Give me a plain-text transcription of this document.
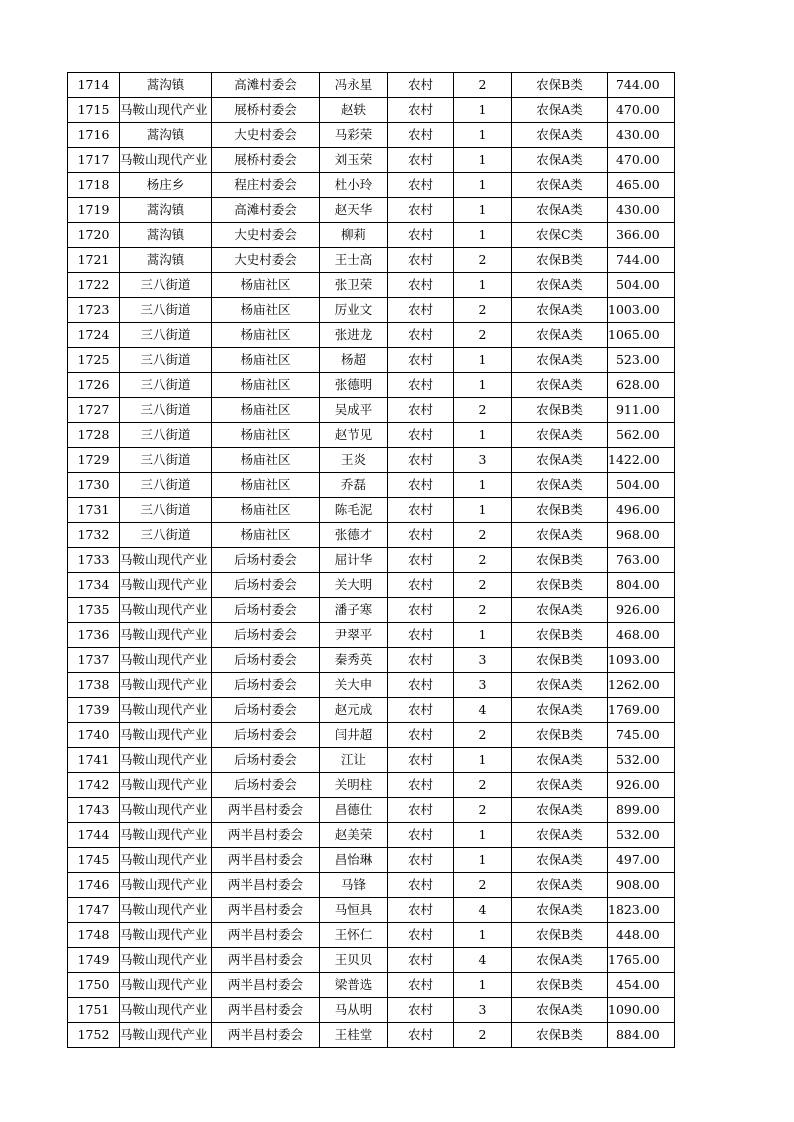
1714	蒿沟镇	高滩村委会	冯永星	农村	2	农保B类	744.00
1715	马鞍山现代产业	展桥村委会	赵轶	农村	1	农保A类	470.00
1716	蒿沟镇	大史村委会	马彩荣	农村	1	农保A类	430.00
1717	马鞍山现代产业	展桥村委会	刘玉荣	农村	1	农保A类	470.00
1718	杨庄乡	程庄村委会	杜小玲	农村	1	农保A类	465.00
1719	蒿沟镇	高滩村委会	赵天华	农村	1	农保A类	430.00
1720	蒿沟镇	大史村委会	柳莉	农村	1	农保C类	366.00
1721	蒿沟镇	大史村委会	王士高	农村	2	农保B类	744.00
1722	三八街道	杨庙社区	张卫荣	农村	1	农保A类	504.00
1723	三八街道	杨庙社区	厉业文	农村	2	农保A类	1003.00
1724	三八街道	杨庙社区	张进龙	农村	2	农保A类	1065.00
1725	三八街道	杨庙社区	杨超	农村	1	农保A类	523.00
1726	三八街道	杨庙社区	张德明	农村	1	农保A类	628.00
1727	三八街道	杨庙社区	吴成平	农村	2	农保B类	911.00
1728	三八街道	杨庙社区	赵节见	农村	1	农保A类	562.00
1729	三八街道	杨庙社区	王炎	农村	3	农保A类	1422.00
1730	三八街道	杨庙社区	乔磊	农村	1	农保A类	504.00
1731	三八街道	杨庙社区	陈毛泥	农村	1	农保B类	496.00
1732	三八街道	杨庙社区	张德才	农村	2	农保A类	968.00
1733	马鞍山现代产业	后场村委会	屈计华	农村	2	农保B类	763.00
1734	马鞍山现代产业	后场村委会	关大明	农村	2	农保B类	804.00
1735	马鞍山现代产业	后场村委会	潘子寒	农村	2	农保A类	926.00
1736	马鞍山现代产业	后场村委会	尹翠平	农村	1	农保B类	468.00
1737	马鞍山现代产业	后场村委会	秦秀英	农村	3	农保B类	1093.00
1738	马鞍山现代产业	后场村委会	关大申	农村	3	农保A类	1262.00
1739	马鞍山现代产业	后场村委会	赵元成	农村	4	农保A类	1769.00
1740	马鞍山现代产业	后场村委会	闫井超	农村	2	农保B类	745.00
1741	马鞍山现代产业	后场村委会	江让	农村	1	农保A类	532.00
1742	马鞍山现代产业	后场村委会	关明柱	农村	2	农保A类	926.00
1743	马鞍山现代产业	两半昌村委会	昌德仕	农村	2	农保A类	899.00
1744	马鞍山现代产业	两半昌村委会	赵美荣	农村	1	农保A类	532.00
1745	马鞍山现代产业	两半昌村委会	昌怡琳	农村	1	农保A类	497.00
1746	马鞍山现代产业	两半昌村委会	马锋	农村	2	农保A类	908.00
1747	马鞍山现代产业	两半昌村委会	马恒具	农村	4	农保A类	1823.00
1748	马鞍山现代产业	两半昌村委会	王怀仁	农村	1	农保B类	448.00
1749	马鞍山现代产业	两半昌村委会	王贝贝	农村	4	农保A类	1765.00
1750	马鞍山现代产业	两半昌村委会	梁普选	农村	1	农保B类	454.00
1751	马鞍山现代产业	两半昌村委会	马从明	农村	3	农保A类	1090.00
1752	马鞍山现代产业	两半昌村委会	王桂堂	农村	2	农保B类	884.00
